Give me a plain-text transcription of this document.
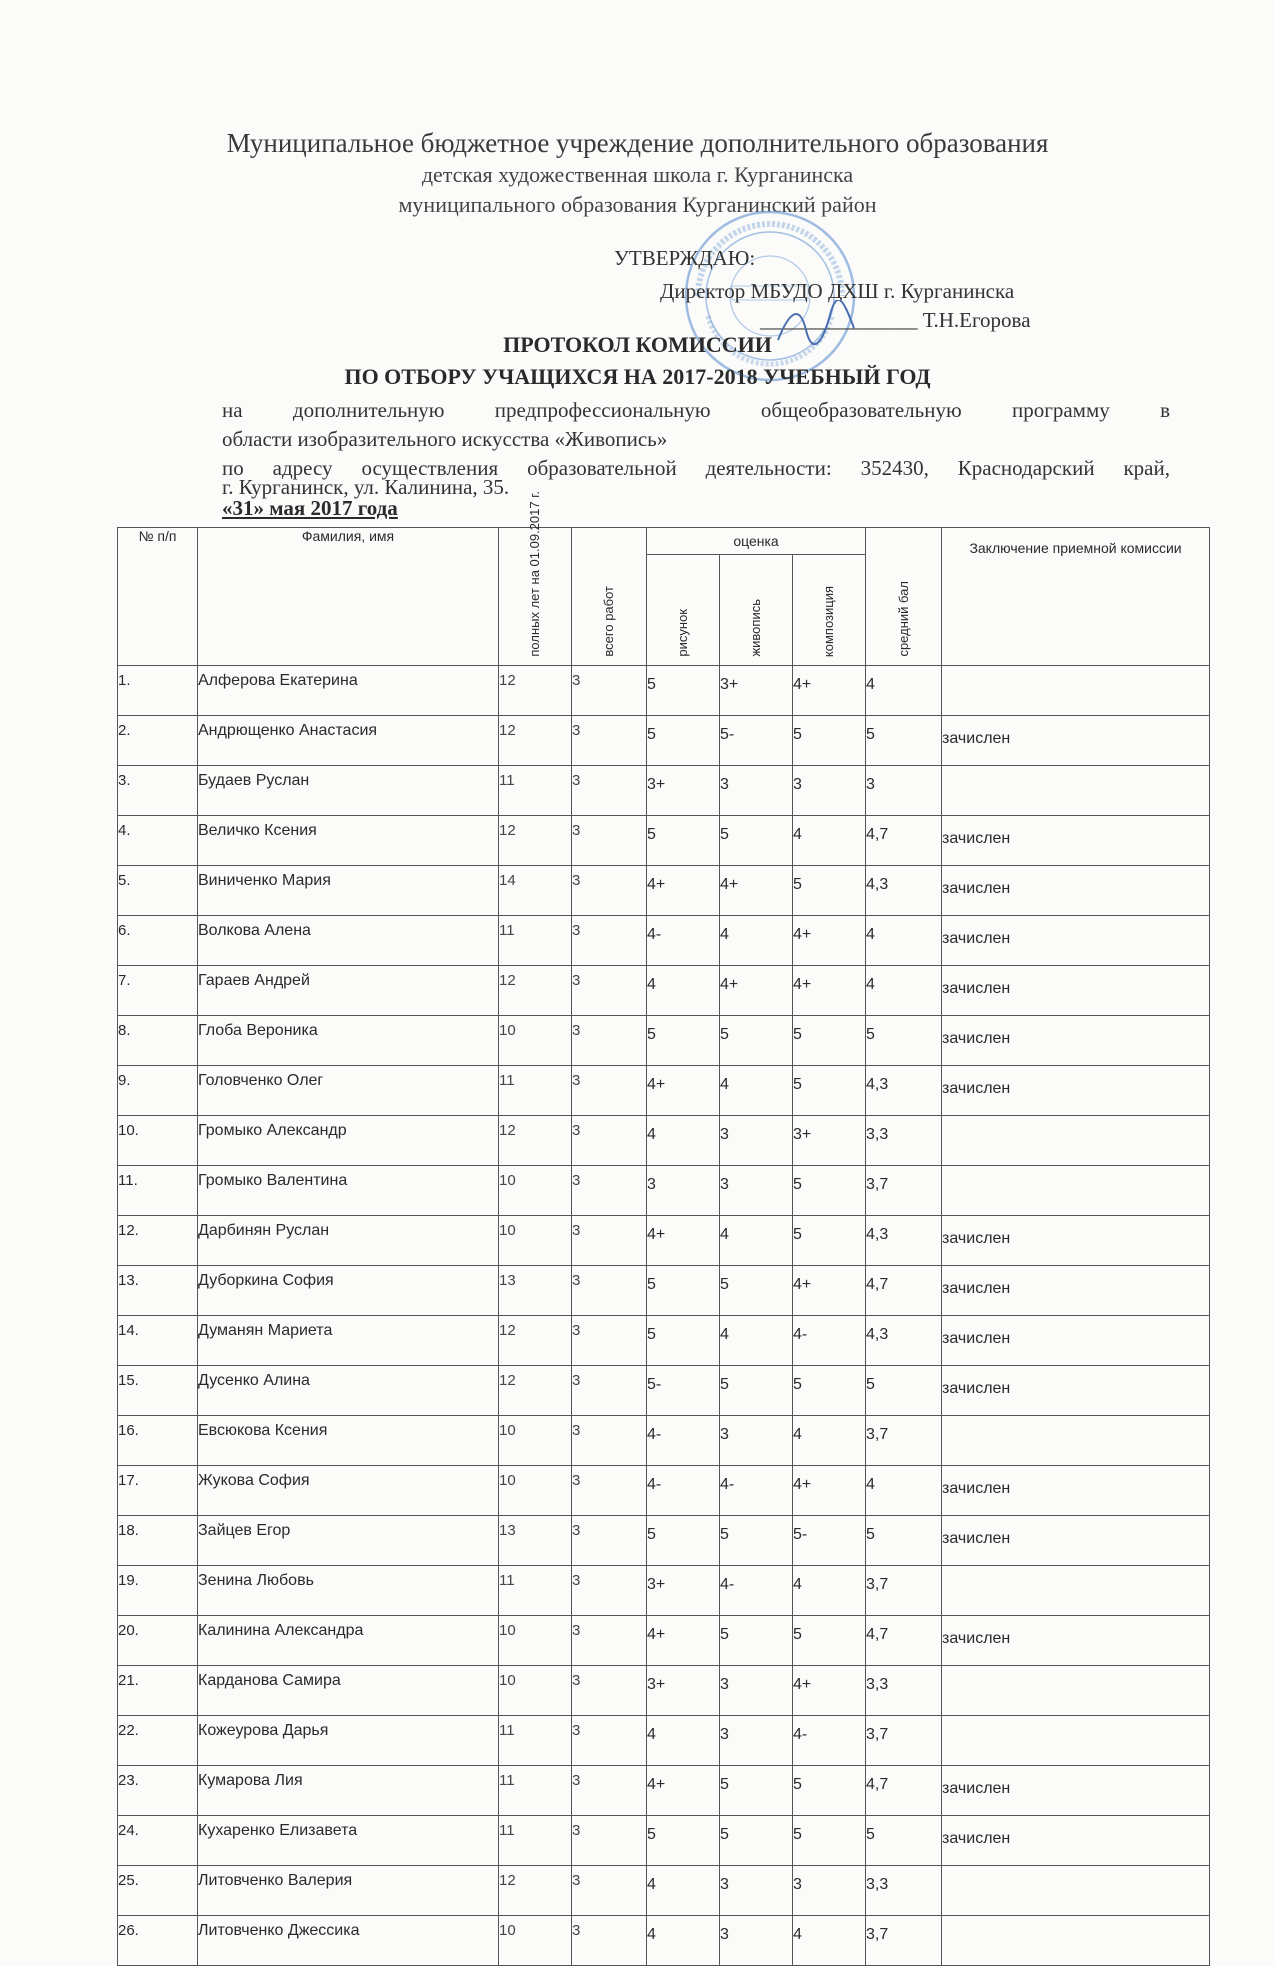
Муниципальное бюджетное учреждение дополнительного образования
детская художественная школа г. Курганинска
муниципального образования Курганинский район
УТВЕРЖДАЮ:
Директор МБУДО ДХШ г. Курганинска
_______________ Т.Н.Егорова
ПРОТОКОЛ КОМИССИИ
ПО ОТБОРУ УЧАЩИХСЯ НА 2017-2018 УЧЕБНЫЙ ГОД
на дополнительную предпрофессиональную общеобразовательную программу в
области изобразительного искусства «Живопись»
по адресу осуществления образовательной деятельности: 352430, Краснодарский край,
г. Курганинск, ул. Калинина, 35.
«31» мая 2017 года
№ п/п	Фамилия, имя	полных лет на 01.09.2017 г.	всего работ	оценка			средний бал	Заключение приемной комиссии

				рисунок	живопись	композиция		

1.	Алферова Екатерина	12	3	5	3+	4+	4	
2.	Андрющенко Анастасия	12	3	5	5-	5	5	зачислен
3.	Будаев Руслан	11	3	3+	3	3	3	
4.	Величко Ксения	12	3	5	5	4	4,7	зачислен
5.	Виниченко Мария	14	3	4+	4+	5	4,3	зачислен
6.	Волкова Алена	11	3	4-	4	4+	4	зачислен
7.	Гараев Андрей	12	3	4	4+	4+	4	зачислен
8.	Глоба Вероника	10	3	5	5	5	5	зачислен
9.	Головченко Олег	11	3	4+	4	5	4,3	зачислен
10.	Громыко Александр	12	3	4	3	3+	3,3	
11.	Громыко Валентина	10	3	3	3	5	3,7	
12.	Дарбинян Руслан	10	3	4+	4	5	4,3	зачислен
13.	Дуборкина София	13	3	5	5	4+	4,7	зачислен
14.	Думанян Мариета	12	3	5	4	4-	4,3	зачислен
15.	Дусенко Алина	12	3	5-	5	5	5	зачислен
16.	Евсюкова Ксения	10	3	4-	3	4	3,7	
17.	Жукова София	10	3	4-	4-	4+	4	зачислен
18.	Зайцев Егор	13	3	5	5	5-	5	зачислен
19.	Зенина Любовь	11	3	3+	4-	4	3,7	
20.	Калинина Александра	10	3	4+	5	5	4,7	зачислен
21.	Карданова Самира	10	3	3+	3	4+	3,3	
22.	Кожеурова Дарья	11	3	4	3	4-	3,7	
23.	Кумарова Лия	11	3	4+	5	5	4,7	зачислен
24.	Кухаренко Елизавета	11	3	5	5	5	5	зачислен
25.	Литовченко Валерия	12	3	4	3	3	3,3	
26.	Литовченко Джессика	10	3	4	3	4	3,7	
